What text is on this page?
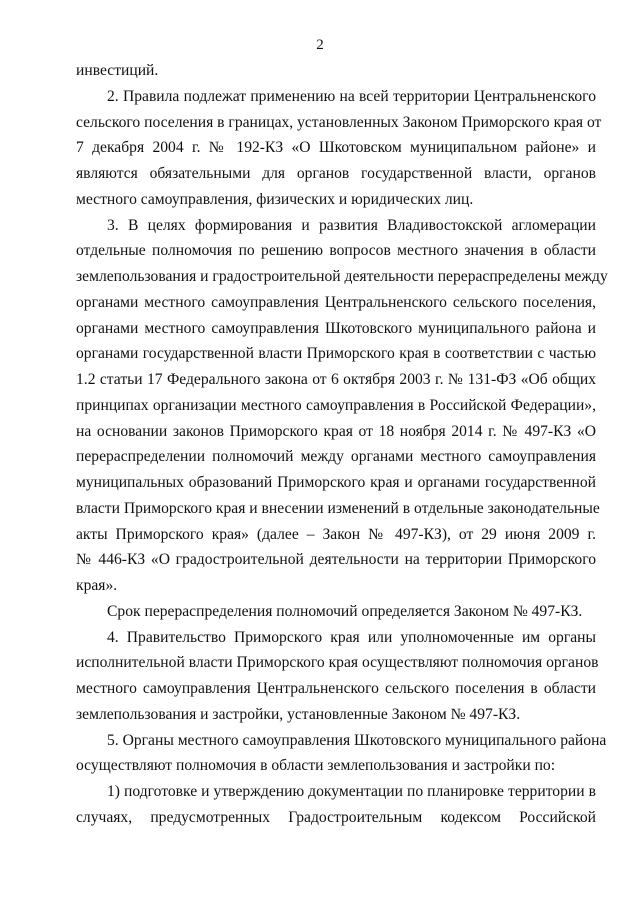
2
инвестиций.
2. Правила подлежат применению на всей территории Центральненского
сельского поселения в границах, установленных Законом Приморского края от
7 декабря 2004 г. № 192-КЗ «О Шкотовском муниципальном районе» и
являются обязательными для органов государственной власти, органов
местного самоуправления, физических и юридических лиц.
3. В целях формирования и развития Владивостокской агломерации
отдельные полномочия по решению вопросов местного значения в области
землепользования и градостроительной деятельности перераспределены между
органами местного самоуправления Центральненского сельского поселения,
органами местного самоуправления Шкотовского муниципального района и
органами государственной власти Приморского края в соответствии с частью
1.2 статьи 17 Федерального закона от 6 октября 2003 г. № 131-ФЗ «Об общих
принципах организации местного самоуправления в Российской Федерации»,
на основании законов Приморского края от 18 ноября 2014 г. № 497-КЗ «О
перераспределении полномочий между органами местного самоуправления
муниципальных образований Приморского края и органами государственной
власти Приморского края и внесении изменений в отдельные законодательные
акты Приморского края» (далее – Закон № 497-КЗ), от 29 июня 2009 г.
№ 446-КЗ «О градостроительной деятельности на территории Приморского
края».
Срок перераспределения полномочий определяется Законом № 497-КЗ.
4. Правительство Приморского края или уполномоченные им органы
исполнительной власти Приморского края осуществляют полномочия органов
местного самоуправления Центральненского сельского поселения в области
землепользования и застройки, установленные Законом № 497-КЗ.
5. Органы местного самоуправления Шкотовского муниципального района
осуществляют полномочия в области землепользования и застройки по:
1) подготовке и утверждению документации по планировке территории в
случаях, предусмотренных Градостроительным кодексом Российской
